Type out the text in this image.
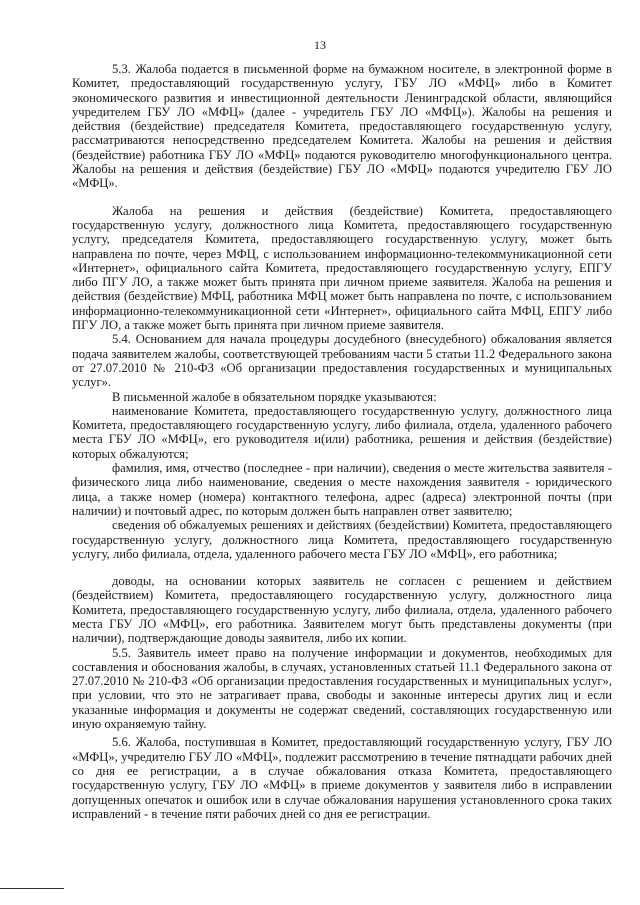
13

5.3. Жалоба подается в письменной форме на бумажном носителе, в электронной форме в Комитет, предоставляющий государственную услугу, ГБУ ЛО «МФЦ» либо в Комитет экономического развития и инвестиционной деятельности Ленинградской области, являющийся учредителем ГБУ ЛО «МФЦ» (далее - учредитель ГБУ ЛО «МФЦ»). Жалобы на решения и действия (бездействие) председателя Комитета, предоставляющего государственную услугу, рассматриваются непосредственно председателем Комитета. Жалобы на решения и действия (бездействие) работника ГБУ ЛО «МФЦ» подаются руководителю многофункционального центра. Жалобы на решения и действия (бездействие) ГБУ ЛО «МФЦ» подаются учредителю ГБУ ЛО «МФЦ».

Жалоба на решения и действия (бездействие) Комитета, предоставляющего государственную услугу, должностного лица Комитета, предоставляющего государственную услугу, председателя Комитета, предоставляющего государственную услугу, может быть направлена по почте, через МФЦ, с использованием информационно-телекоммуникационной сети «Интернет», официального сайта Комитета, предоставляющего государственную услугу, ЕПГУ либо ПГУ ЛО, а также может быть принята при личном приеме заявителя. Жалоба на решения и действия (бездействие) МФЦ, работника МФЦ может быть направлена по почте, с использованием информационно-телекоммуникационной сети «Интернет», официального сайта МФЦ, ЕПГУ либо ПГУ ЛО, а также может быть принята при личном приеме заявителя.

5.4. Основанием для начала процедуры досудебного (внесудебного) обжалования является подача заявителем жалобы, соответствующей требованиям части 5 статьи 11.2 Федерального закона от 27.07.2010 № 210-ФЗ «Об организации предоставления государственных и муниципальных услуг».

В письменной жалобе в обязательном порядке указываются:

наименование Комитета, предоставляющего государственную услугу, должностного лица Комитета, предоставляющего государственную услугу, либо филиала, отдела, удаленного рабочего места ГБУ ЛО «МФЦ», его руководителя и(или) работника, решения и действия (бездействие) которых обжалуются;

фамилия, имя, отчество (последнее - при наличии), сведения о месте жительства заявителя - физического лица либо наименование, сведения о месте нахождения заявителя - юридического лица, а также номер (номера) контактного телефона, адрес (адреса) электронной почты (при наличии) и почтовый адрес, по которым должен быть направлен ответ заявителю;

сведения об обжалуемых решениях и действиях (бездействии) Комитета, предоставляющего государственную услугу, должностного лица Комитета, предоставляющего государственную услугу, либо филиала, отдела, удаленного рабочего места ГБУ ЛО «МФЦ», его работника;

доводы, на основании которых заявитель не согласен с решением и действием (бездействием) Комитета, предоставляющего государственную услугу, должностного лица Комитета, предоставляющего государственную услугу, либо филиала, отдела, удаленного рабочего места ГБУ ЛО «МФЦ», его работника. Заявителем могут быть представлены документы (при наличии), подтверждающие доводы заявителя, либо их копии.

5.5. Заявитель имеет право на получение информации и документов, необходимых для составления и обоснования жалобы, в случаях, установленных статьей 11.1 Федерального закона от 27.07.2010 № 210-ФЗ «Об организации предоставления государственных и муниципальных услуг», при условии, что это не затрагивает права, свободы и законные интересы других лиц и если указанные информация и документы не содержат сведений, составляющих государственную или иную охраняемую тайну.

5.6. Жалоба, поступившая в Комитет, предоставляющий государственную услугу, ГБУ ЛО «МФЦ», учредителю ГБУ ЛО «МФЦ», подлежит рассмотрению в течение пятнадцати рабочих дней со дня ее регистрации, а в случае обжалования отказа Комитета, предоставляющего государственную услугу, ГБУ ЛО «МФЦ» в приеме документов у заявителя либо в исправлении допущенных опечаток и ошибок или в случае обжалования нарушения установленного срока таких исправлений - в течение пяти рабочих дней со дня ее регистрации.
